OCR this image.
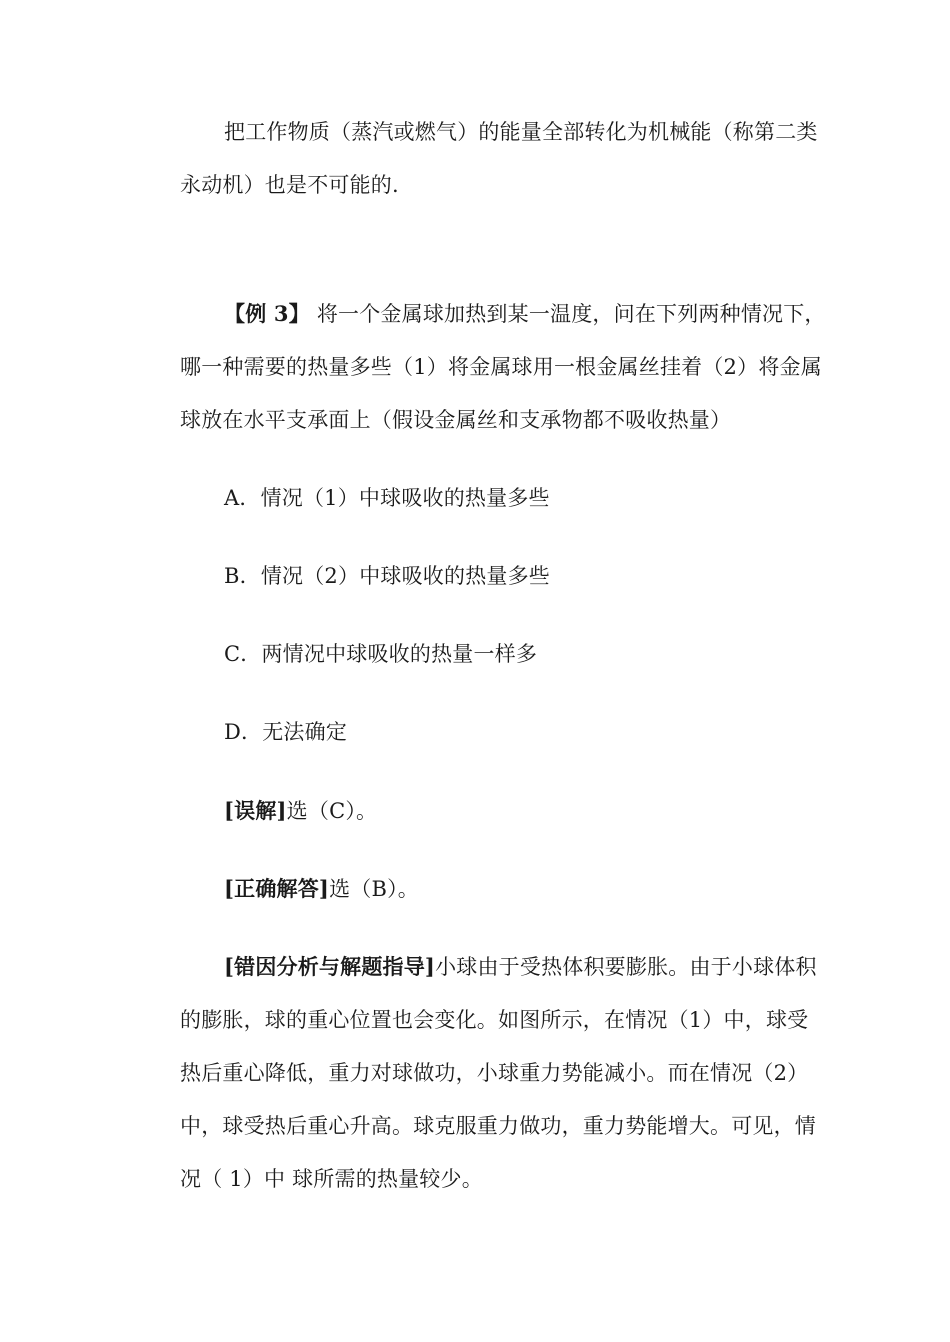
把工作物质（蒸汽或燃气）的能量全部转化为机械能（称第二类
永动机）也是不可能的.
【例 3】 将一个金属球加热到某一温度，问在下列两种情况下，
哪一种需要的热量多些（1）将金属球用一根金属丝挂着（2）将金属
球放在水平支承面上（假设金属丝和支承物都不吸收热量）
A．情况（1）中球吸收的热量多些
B．情况（2）中球吸收的热量多些
C．两情况中球吸收的热量一样多
D．无法确定
[误解]选（C）。
[正确解答]选（B）。
[错因分析与解题指导]小球由于受热体积要膨胀。由于小球体积
的膨胀，球的重心位置也会变化。如图所示，在情况（1）中，球受
热后重心降低，重力对球做功，小球重力势能减小。而在情况（2）
中，球受热后重心升高。球克服重力做功，重力势能增大。可见，情
况（ 1）中 球所需的热量较少。
